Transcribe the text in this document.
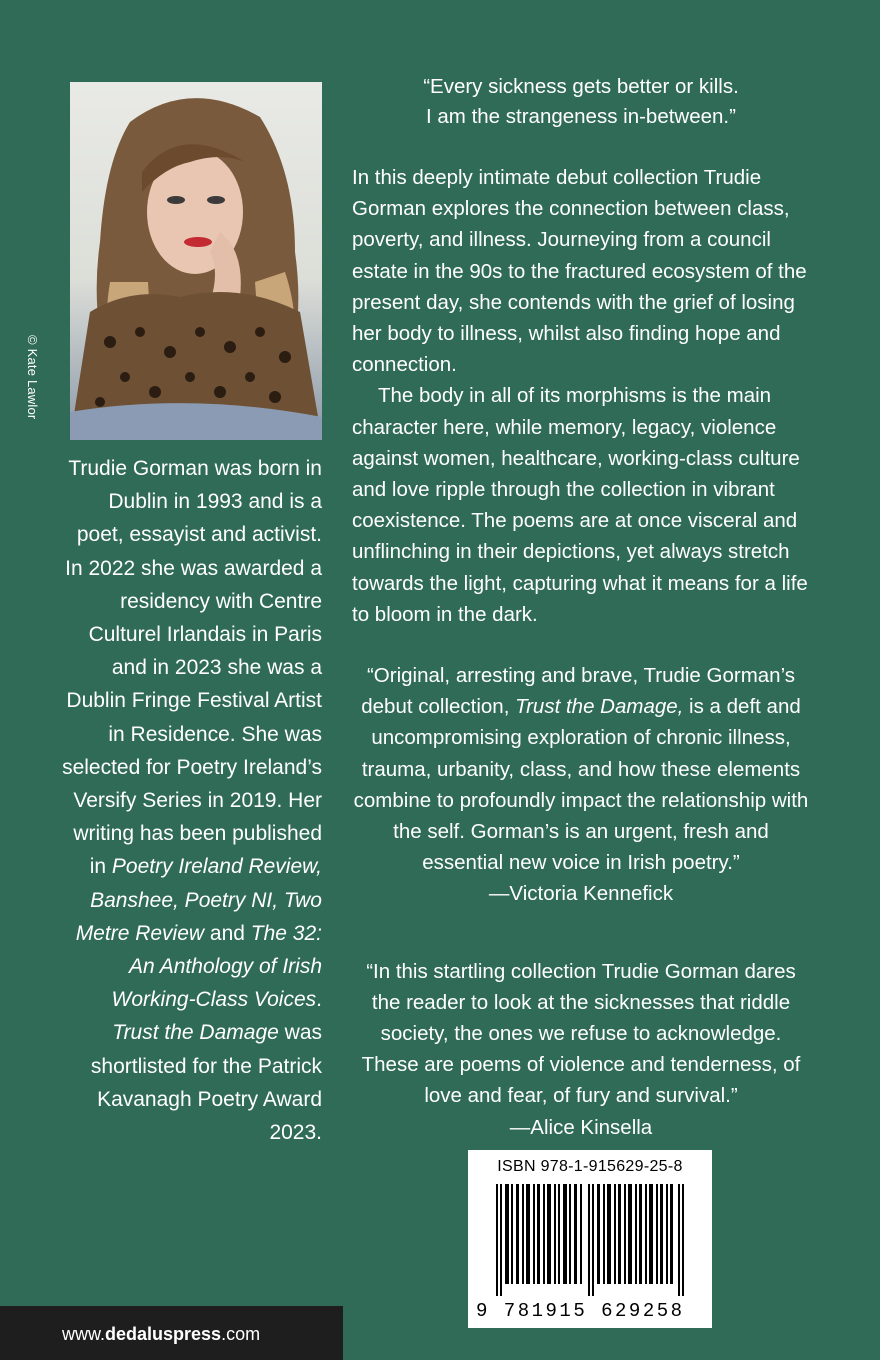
© Kate Lawlor
Trudie Gorman was born in Dublin in 1993 and is a poet, essayist and activist. In 2022 she was awarded a residency with Centre Culturel Irlandais in Paris and in 2023 she was a Dublin Fringe Festival Artist in Residence. She was selected for Poetry Ireland’s Versify Series in 2019. Her writing has been published in Poetry Ireland Review, Banshee, Poetry NI, Two Metre Review and The 32: An Anthology of Irish Working-Class Voices. Trust the Damage was shortlisted for the Patrick Kavanagh Poetry Award 2023.
“Every sickness gets better or kills.
I am the strangeness in-between.”

In this deeply intimate debut collection Trudie Gorman explores the connection between class, poverty, and illness. Journeying from a council estate in the 90s to the fractured ecosystem of the present day, she contends with the grief of losing her body to illness, whilst also finding hope and connection.

The body in all of its morphisms is the main character here, while memory, legacy, violence against women, healthcare, working-class culture and love ripple through the collection in vibrant coexistence. The poems are at once visceral and unflinching in their depictions, yet always stretch towards the light, capturing what it means for a life to bloom in the dark.

“Original, arresting and brave, Trudie Gorman’s debut collection, Trust the Damage, is a deft and uncompromising exploration of chronic illness, trauma, urbanity, class, and how these elements combine to profoundly impact the relationship with the self. Gorman’s is an urgent, fresh and essential new voice in Irish poetry.”
—Victoria Kennefick
“In this startling collection Trudie Gorman dares the reader to look at the sicknesses that riddle society, the ones we refuse to acknowledge. These are poems of violence and tenderness, of love and fear, of fury and survival.”
—Alice Kinsella
ISBN 978-1-915629-25-8
9 781915 629258
www.dedaluspress.com
